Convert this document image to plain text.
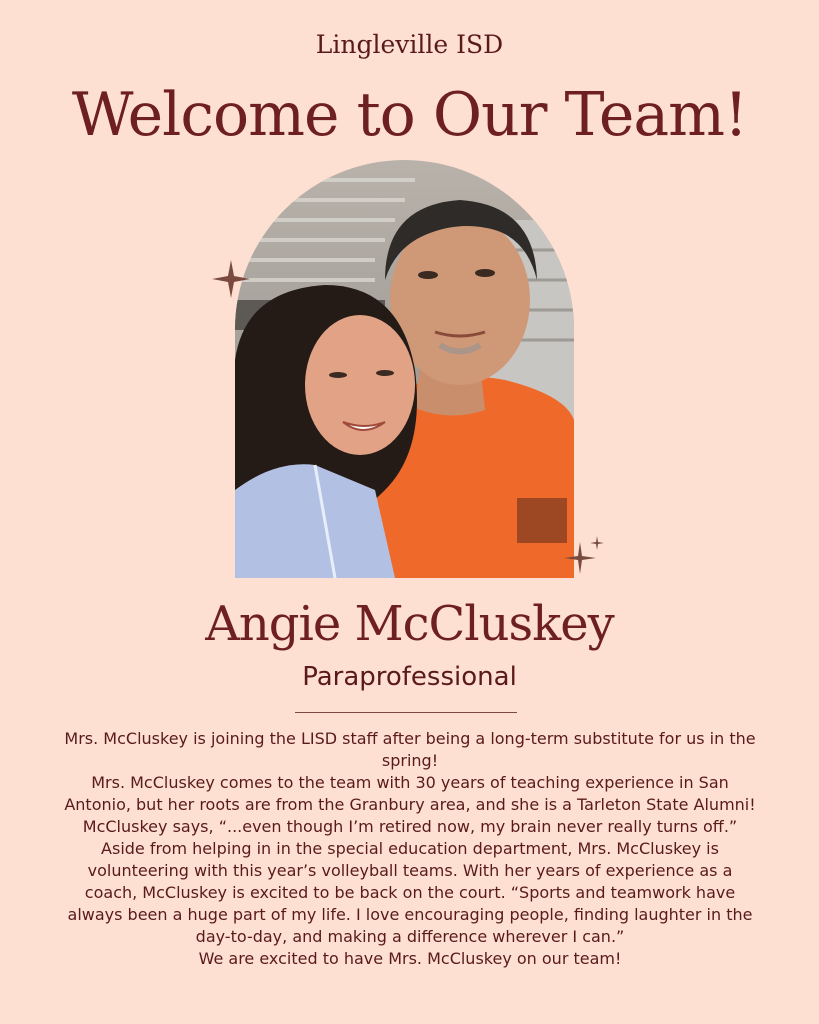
Lingleville ISD
Welcome to Our Team!
Angie McCluskey
Paraprofessional

Mrs. McCluskey is joining the LISD staff after being a long-term substitute for us in the spring!

Mrs. McCluskey comes to the team with 30 years of teaching experience in San Antonio, but her roots are from the Granbury area, and she is a Tarleton State Alumni! McCluskey says, “...even though I’m retired now, my brain never really turns off.”

Aside from helping in in the special education department, Mrs. McCluskey is volunteering with this year’s volleyball teams. With her years of experience as a coach, McCluskey is excited to be back on the court. “Sports and teamwork have always been a huge part of my life. I love encouraging people, finding laughter in the day-to-day, and making a difference wherever I can.”

We are excited to have Mrs. McCluskey on our team!
